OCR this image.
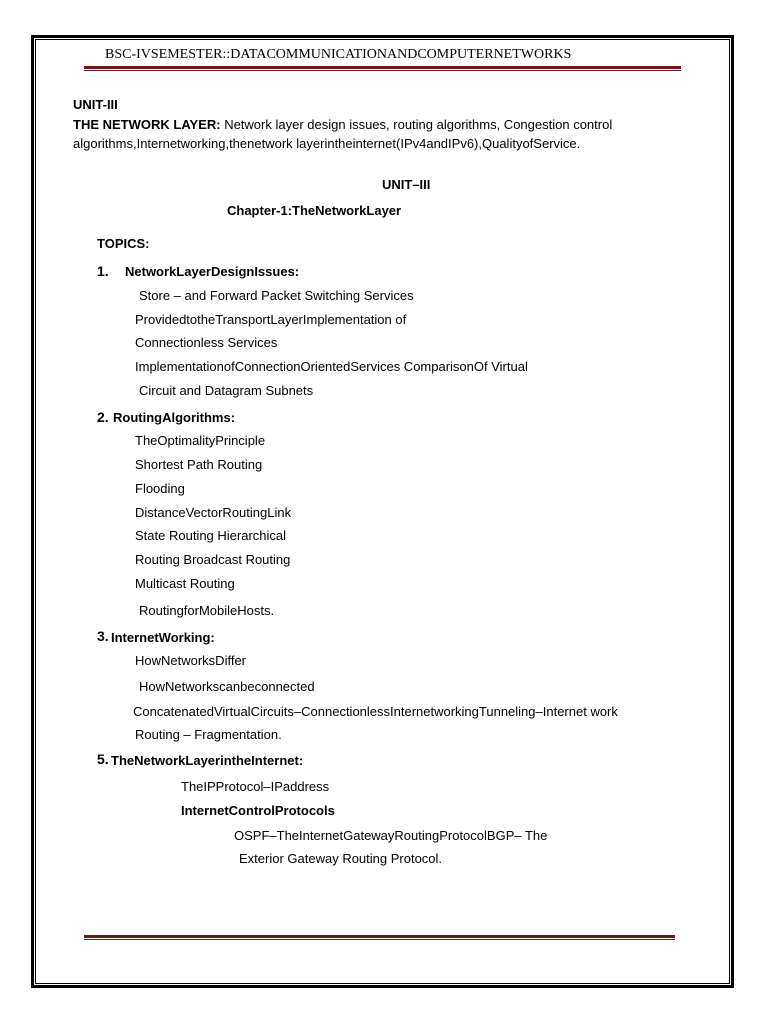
BSC-IVSEMESTER::DATACOMMUNICATIONANDCOMPUTERNETWORKS
UNIT-III
THE NETWORK LAYER: Network layer design issues, routing algorithms, Congestion control
algorithms,Internetworking,thenetwork layerintheinternet(IPv4andIPv6),QualityofService.
UNIT–III
Chapter-1:TheNetworkLayer
TOPICS:
1. NetworkLayerDesignIssues:
Store – and Forward Packet Switching Services
ProvidedtotheTransportLayerImplementation of
Connectionless Services
ImplementationofConnectionOrientedServices ComparisonOf Virtual
Circuit and Datagram Subnets
2. RoutingAlgorithms:
TheOptimalityPrinciple
Shortest Path Routing
Flooding
DistanceVectorRoutingLink
State Routing Hierarchical
Routing Broadcast Routing
Multicast Routing
RoutingforMobileHosts.
3. InternetWorking:
HowNetworksDiffer
HowNetworkscanbeconnected
ConcatenatedVirtualCircuits–ConnectionlessInternetworkingTunneling–Internet work
Routing – Fragmentation.
5. TheNetworkLayerintheInternet:
TheIPProtocol–IPaddress
InternetControlProtocols
OSPF–TheInternetGatewayRoutingProtocolBGP– The
Exterior Gateway Routing Protocol.
